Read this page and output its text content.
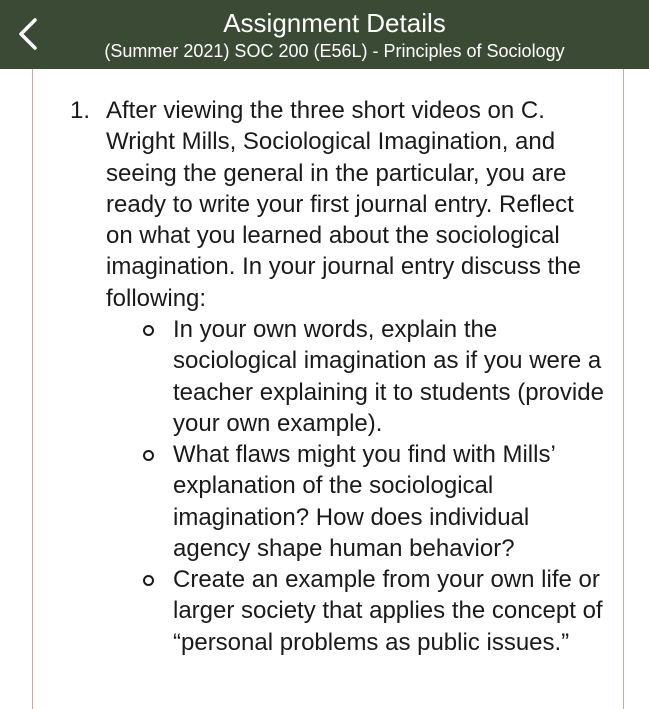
Assignment Details
(Summer 2021) SOC 200 (E56L) - Principles of Sociology
1. After viewing the three short videos on C. Wright Mills, Sociological Imagination, and seeing the general in the particular, you are ready to write your first journal entry. Reflect on what you learned about the sociological imagination. In your journal entry discuss the following:
In your own words, explain the sociological imagination as if you were a teacher explaining it to students (provide your own example).
What flaws might you find with Mills’ explanation of the sociological imagination? How does individual agency shape human behavior?
Create an example from your own life or larger society that applies the concept of “personal problems as public issues.”
